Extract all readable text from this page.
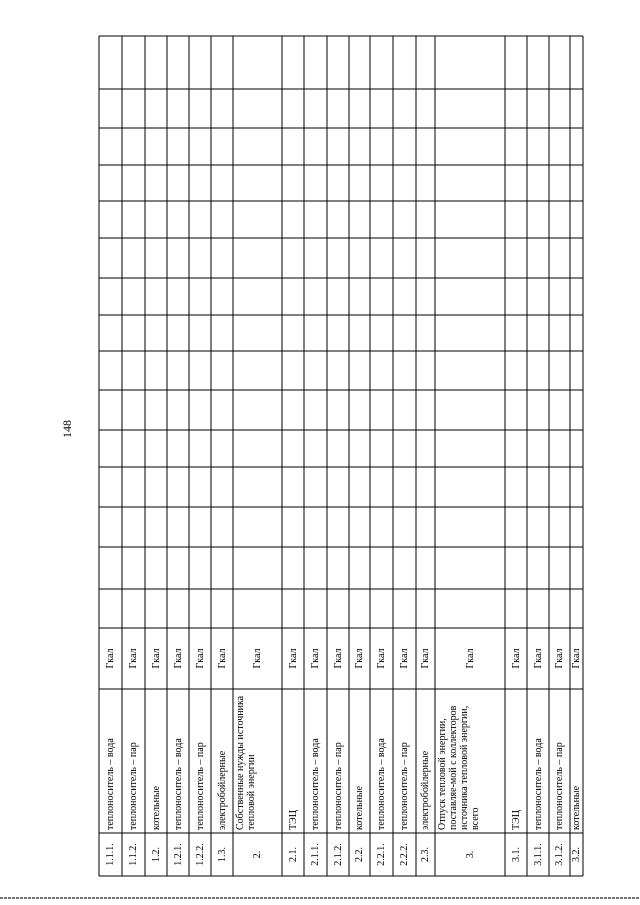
148
1.1.1.
теплоноситель – вода
Гкал
1.1.2.
теплоноситель – пар
Гкал
1.2.
котельные
Гкал
1.2.1.
теплоноситель – вода
Гкал
1.2.2.
теплоноситель – пар
Гкал
1.3.
электробойлерные
Гкал
2.
Собственные нужды источника тепловой энергии
Гкал
2.1.
ТЭЦ
Гкал
2.1.1.
теплоноситель – вода
Гкал
2.1.2.
теплоноситель – пар
Гкал
2.2.
котельные
Гкал
2.2.1.
теплоноситель – вода
Гкал
2.2.2.
теплоноситель – пар
Гкал
2.3.
электробойлерные
Гкал
3.
Отпуск тепловой энергии, поставляе-мой с коллекторов источника тепловой энергии, всего
Гкал
3.1.
ТЭЦ
Гкал
3.1.1.
теплоноситель – вода
Гкал
3.1.2.
теплоноситель – пар
Гкал
3.2.
котельные
Гкал
